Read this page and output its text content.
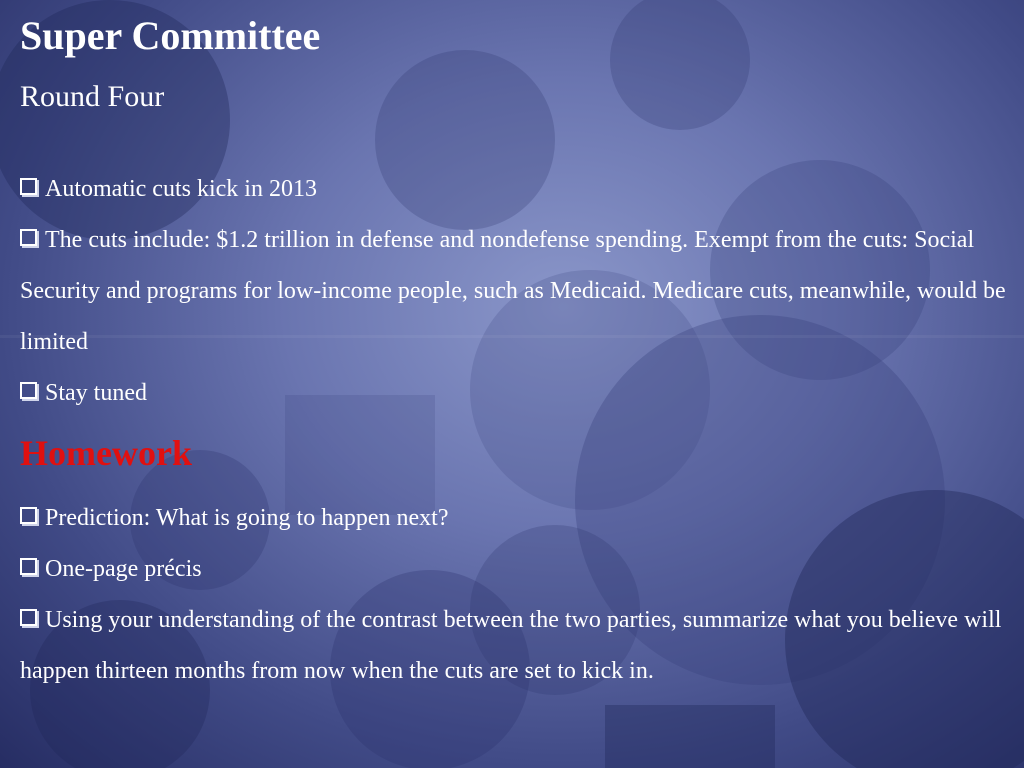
Super Committee
Round Four
Automatic cuts kick in 2013
The cuts include: $1.2 trillion in defense and nondefense spending. Exempt from the cuts: Social Security and programs for low-income people, such as Medicaid. Medicare cuts, meanwhile, would be limited
Stay tuned
Homework
Prediction: What is going to happen next?
One-page précis
Using your understanding of the contrast between the two parties, summarize what you believe will happen thirteen months from now when the cuts are set to kick in.
